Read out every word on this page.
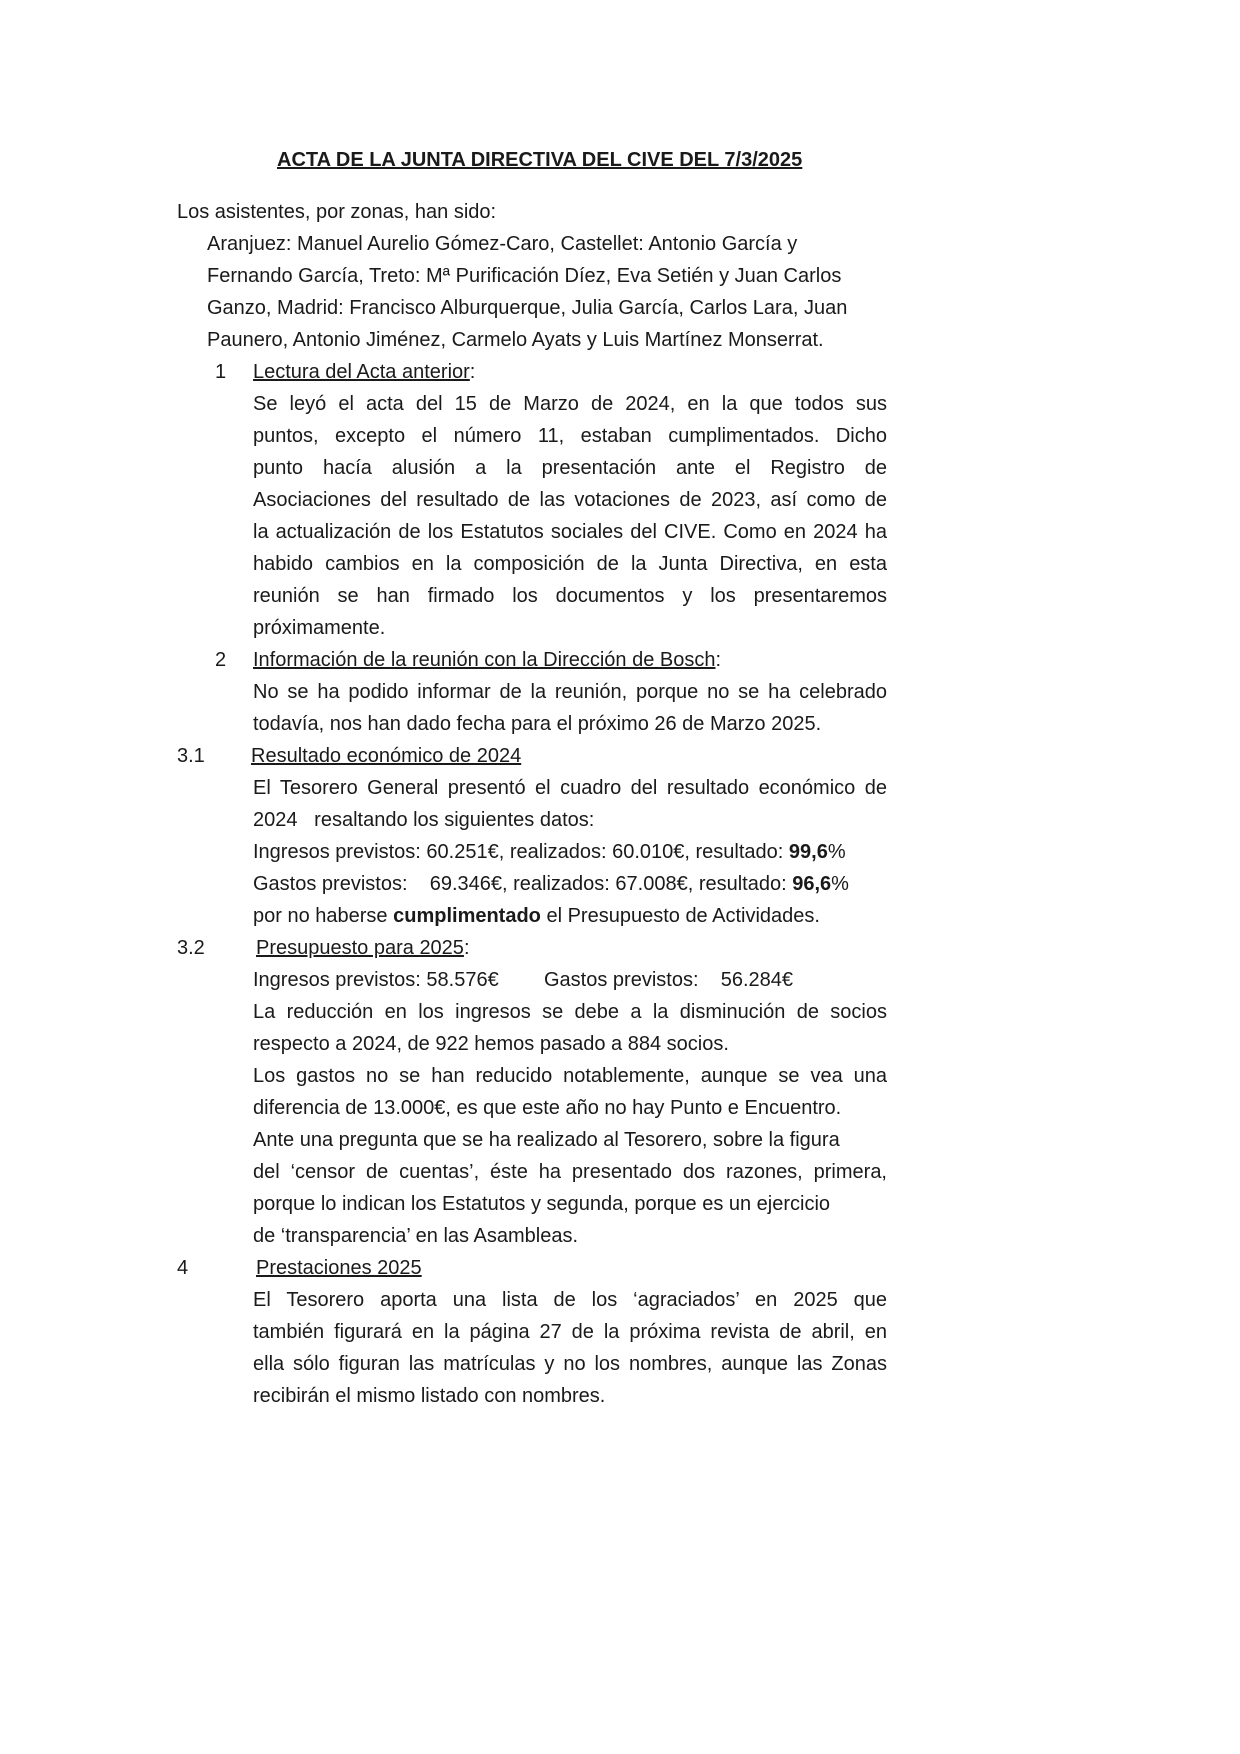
ACTA DE LA JUNTA DIRECTIVA DEL CIVE DEL 7/3/2025
Los asistentes, por zonas, han sido:
Aranjuez: Manuel Aurelio Gómez-Caro, Castellet: Antonio García y
Fernando García, Treto: Mª Purificación Díez, Eva Setién y Juan Carlos
Ganzo, Madrid: Francisco Alburquerque, Julia García, Carlos Lara, Juan
Paunero, Antonio Jiménez, Carmelo Ayats y Luis Martínez Monserrat.
1 Lectura del Acta anterior:
Se leyó el acta del 15 de Marzo de 2024, en la que todos sus
puntos, excepto el número 11, estaban cumplimentados. Dicho
punto hacía alusión a la presentación ante el Registro de
Asociaciones del resultado de las votaciones de 2023, así como de
la actualización de los Estatutos sociales del CIVE. Como en 2024 ha
habido cambios en la composición de la Junta Directiva, en esta
reunión se han firmado los documentos y los presentaremos
próximamente.
2 Información de la reunión con la Dirección de Bosch:
No se ha podido informar de la reunión, porque no se ha celebrado
todavía, nos han dado fecha para el próximo 26 de Marzo 2025.
3.1 Resultado económico de 2024
El Tesorero General presentó el cuadro del resultado económico de
2024   resaltando los siguientes datos:
Ingresos previstos: 60.251€, realizados: 60.010€, resultado: 99,6%
Gastos previstos:    69.346€, realizados: 67.008€, resultado: 96,6%
por no haberse cumplimentado el Presupuesto de Actividades.
3.2	Presupuesto para 2025:
Ingresos previstos: 58.576€ Gastos previstos:    56.284€
La reducción en los ingresos se debe a la disminución de socios
respecto a 2024, de 922 hemos pasado a 884 socios.
Los gastos no se han reducido notablemente, aunque se vea una
diferencia de 13.000€, es que este año no hay Punto e Encuentro.
Ante una pregunta que se ha realizado al Tesorero, sobre la figura
del ‘censor de cuentas’, éste ha presentado dos razones, primera,
porque lo indican los Estatutos y segunda, porque es un ejercicio
de ‘transparencia’ en las Asambleas.
4	Prestaciones 2025
El Tesorero aporta una lista de los ‘agraciados’ en 2025 que
también figurará en la página 27 de la próxima revista de abril, en
ella sólo figuran las matrículas y no los nombres, aunque las Zonas
recibirán el mismo listado con nombres.
